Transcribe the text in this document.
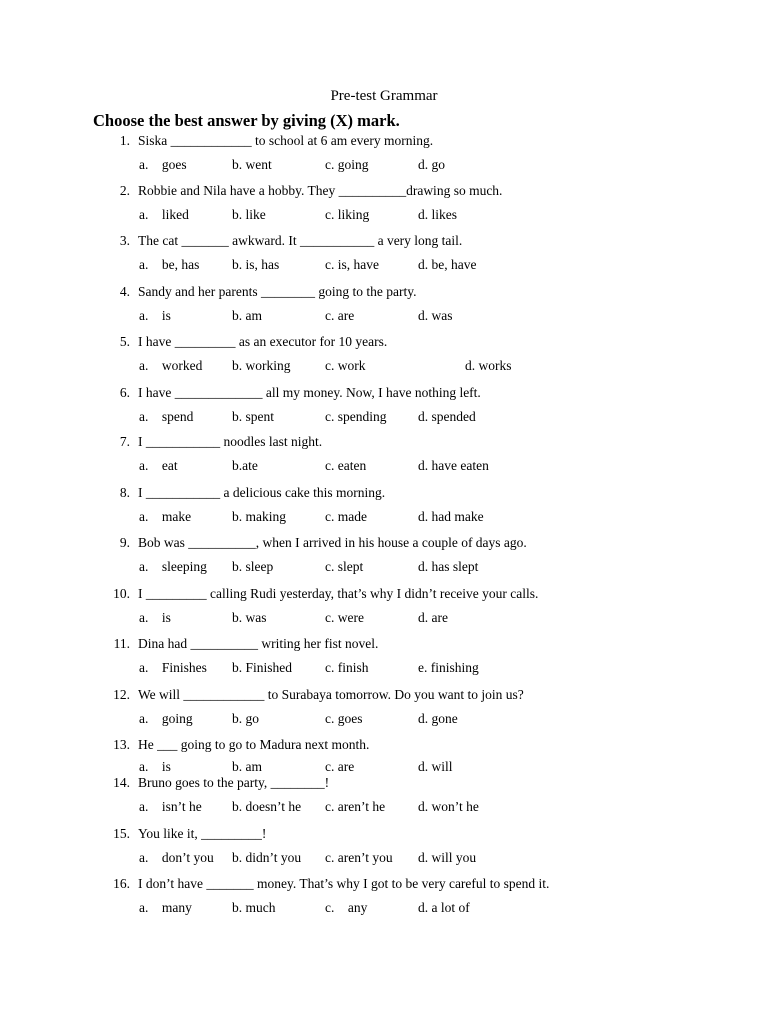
Pre-test Grammar
Choose the best answer by giving (X) mark.
1. Siska ____________ to school at 6 am every morning.
a. goes	b. went	c. going	d. go
2. Robbie and Nila have a hobby. They __________drawing so much.
a. liked	b. like	c. liking	d. likes
3. The cat _______ awkward. It ___________ a very long tail.
a. be, has b. is, has	c. is, have	d. be, have
4. Sandy and her parents ________ going to the party.
a. is	b. am	c. are	d. was
5. I have _________ as an executor for 10 years.
a. worked b. working	c. work	d. works
6. I have _____________ all my money. Now, I have nothing left.
a. spend	b. spent	c. spending d. spended
7. I ___________ noodles last night.
a. eat	b.ate	c. eaten	d. have eaten
8. I ___________ a delicious cake this morning.
a. make	b. making	c. made	d. had make
9. Bob was __________, when I arrived in his house a couple of days ago.
a. sleeping b. sleep	c. slept	d. has slept
10. I _________ calling Rudi yesterday, that’s why I didn’t receive your calls.
a. is	b. was	c. were	d. are
11. Dina had __________ writing her fist novel.
a. Finishes b. Finished c. finish	e. finishing
12. We will ____________ to Surabaya tomorrow. Do you want to join us?
a. going	b. go	c. goes	d. gone
13. He ___ going to go to Madura next month.
a. is	b. am	c. are	d. will
14. Bruno goes to the party, ________!
a. isn’t he b. doesn’t he c. aren’t he d. won’t he
15. You like it, _________!
a. don’t you b. didn’t you c. aren’t you d. will you
16. I don’t have _______ money. That’s why I got to be very careful to spend it.
a. many	b. much	c. any	d. a lot of
